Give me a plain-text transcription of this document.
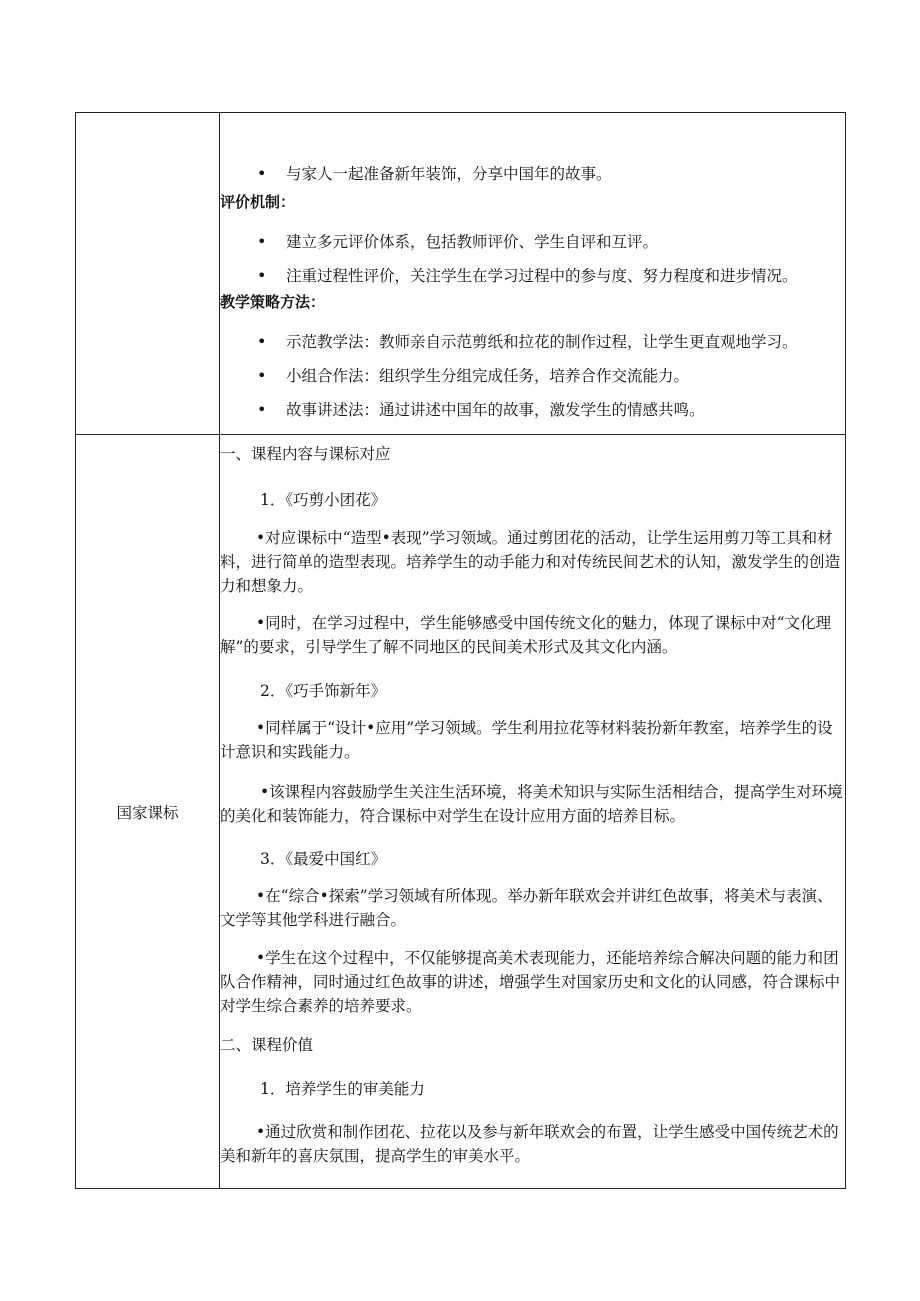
• 与家人一起准备新年装饰，分享中国年的故事。
评价机制：
• 建立多元评价体系，包括教师评价、学生自评和互评。
• 注重过程性评价，关注学生在学习过程中的参与度、努力程度和进步情况。
教学策略方法：
• 示范教学法：教师亲自示范剪纸和拉花的制作过程，让学生更直观地学习。
• 小组合作法：组织学生分组完成任务，培养合作交流能力。
• 故事讲述法：通过讲述中国年的故事，激发学生的情感共鸣。
国家课标
一、课程内容与课标对应
1．《巧剪小团花》
•对应课标中“造型•表现”学习领域。通过剪团花的活动，让学生运用剪刀等工具和材
料，进行简单的造型表现。培养学生的动手能力和对传统民间艺术的认知，激发学生的创造
力和想象力。
•同时，在学习过程中，学生能够感受中国传统文化的魅力，体现了课标中对“文化理
解”的要求，引导学生了解不同地区的民间美术形式及其文化内涵。
2．《巧手饰新年》
•同样属于“设计•应用”学习领域。学生利用拉花等材料装扮新年教室，培养学生的设
计意识和实践能力。
•该课程内容鼓励学生关注生活环境，将美术知识与实际生活相结合，提高学生对环境
的美化和装饰能力，符合课标中对学生在设计应用方面的培养目标。
3．《最爱中国红》
•在“综合•探索”学习领域有所体现。举办新年联欢会并讲红色故事，将美术与表演、
文学等其他学科进行融合。
•学生在这个过程中，不仅能够提高美术表现能力，还能培养综合解决问题的能力和团
队合作精神，同时通过红色故事的讲述，增强学生对国家历史和文化的认同感，符合课标中
对学生综合素养的培养要求。
二、课程价值
1．培养学生的审美能力
•通过欣赏和制作团花、拉花以及参与新年联欢会的布置，让学生感受中国传统艺术的
美和新年的喜庆氛围，提高学生的审美水平。
